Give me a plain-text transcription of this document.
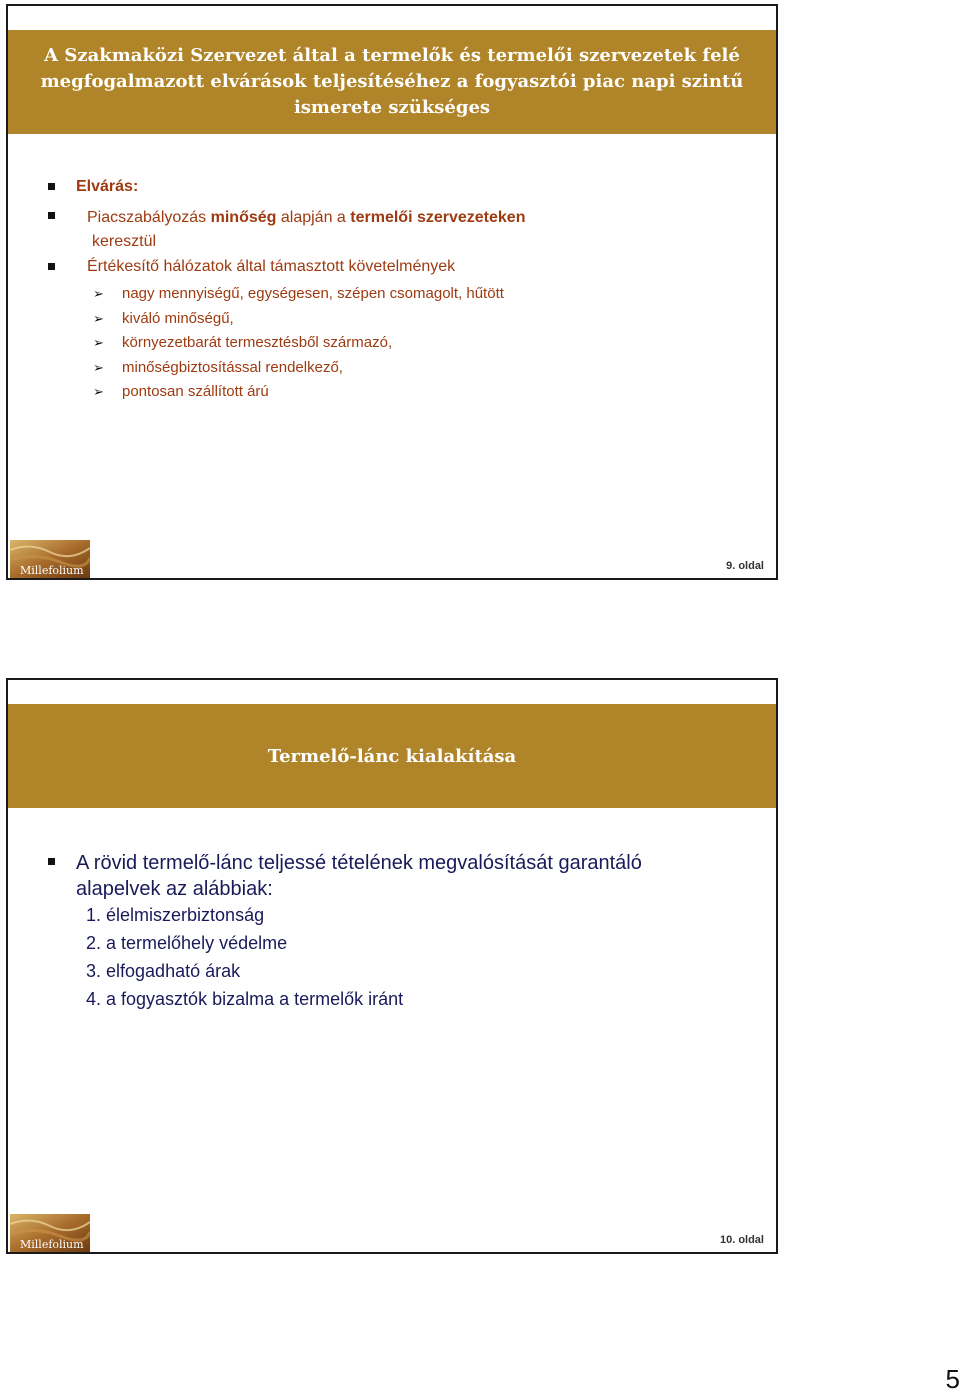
A Szakmaközi Szervezet által a termelők és termelői szervezetek felé
megfogalmazott elvárások teljesítéséhez a fogyasztói piac napi szintű
ismerete szükséges
Elvárás:
Piacszabályozás minőség alapján a termelői szervezeteken
keresztül
Értékesítő hálózatok által támasztott követelmények
➢ nagy mennyiségű, egységesen, szépen csomagolt, hűtött
➢ kiváló minőségű,
➢ környezetbarát termesztésből származó,
➢ minőségbiztosítással rendelkező,
➢ pontosan szállított árú
Millefolium	9. oldal
Termelő-lánc kialakítása
A rövid termelő-lánc teljessé tételének megvalósítását garantáló
alapelvek az alábbiak:
1. élelmiszerbiztonság
2. a termelőhely védelme
3. elfogadható árak
4. a fogyasztók bizalma a termelők iránt
Millefolium	10. oldal
5
